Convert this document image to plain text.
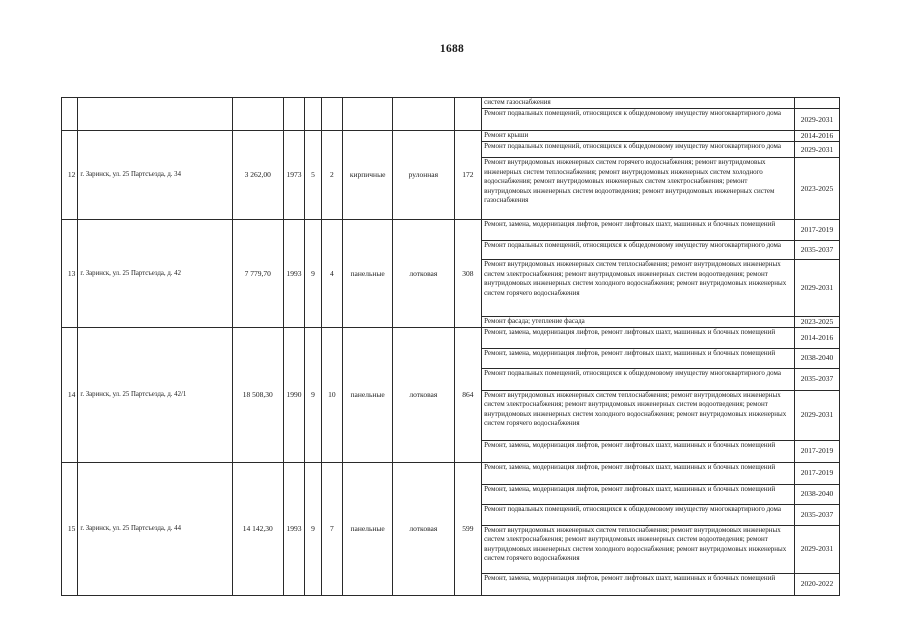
1688
									систем газоснабжения	
									Ремонт подвальных помещений, относящихся к общедомовому имуществу многоквартирного дома	2029-2031
12	г. Заринск, ул. 25 Партсъезда, д. 34	3 262,00	1973	5	2	кирпичные	рулонная	172	Ремонт крыши	2014-2016
									Ремонт подвальных помещений, относящихся к общедомовому имуществу многоквартирного дома	2029-2031
									Ремонт внутридомовых инженерных систем горячего водоснабжения; ремонт внутридомовых инженерных систем теплоснабжения; ремонт внутридомовых инженерных систем холодного водоснабжения; ремонт внутридомовых инженерных систем электроснабжения; ремонт внутридомовых инженерных систем водоотведения; ремонт внутридомовых инженерных систем газоснабжения	2023-2025
13	г. Заринск, ул. 25 Партсъезда, д. 42	7 779,70	1993	9	4	панельные	лотковая	308	Ремонт, замена, модернизация лифтов, ремонт лифтовых шахт, машинных и блочных помещений	2017-2019
									Ремонт подвальных помещений, относящихся к общедомовому имуществу многоквартирного дома	2035-2037
									Ремонт внутридомовых инженерных систем теплоснабжения; ремонт внутридомовых инженерных систем электроснабжения; ремонт внутридомовых инженерных систем водоотведения; ремонт внутридомовых инженерных систем холодного водоснабжения; ремонт внутридомовых инженерных систем горячего водоснабжения	2029-2031
									Ремонт фасада; утепление фасада	2023-2025
14	г. Заринск, ул. 25 Партсъезда, д. 42/1	18 508,30	1990	9	10	панельные	лотковая	864	Ремонт, замена, модернизация лифтов, ремонт лифтовых шахт, машинных и блочных помещений	2014-2016
									Ремонт, замена, модернизация лифтов, ремонт лифтовых шахт, машинных и блочных помещений	2038-2040
									Ремонт подвальных помещений, относящихся к общедомовому имуществу многоквартирного дома	2035-2037
									Ремонт внутридомовых инженерных систем теплоснабжения; ремонт внутридомовых инженерных систем электроснабжения; ремонт внутридомовых инженерных систем водоотведения; ремонт внутридомовых инженерных систем холодного водоснабжения; ремонт внутридомовых инженерных систем горячего водоснабжения	2029-2031
									Ремонт, замена, модернизация лифтов, ремонт лифтовых шахт, машинных и блочных помещений	2017-2019
15	г. Заринск, ул. 25 Партсъезда, д. 44	14 142,30	1993	9	7	панельные	лотковая	599	Ремонт, замена, модернизация лифтов, ремонт лифтовых шахт, машинных и блочных помещений	2017-2019
									Ремонт, замена, модернизация лифтов, ремонт лифтовых шахт, машинных и блочных помещений	2038-2040
									Ремонт подвальных помещений, относящихся к общедомовому имуществу многоквартирного дома	2035-2037
									Ремонт внутридомовых инженерных систем теплоснабжения; ремонт внутридомовых инженерных систем электроснабжения; ремонт внутридомовых инженерных систем водоотведения; ремонт внутридомовых инженерных систем холодного водоснабжения; ремонт внутридомовых инженерных систем горячего водоснабжения	2029-2031
									Ремонт, замена, модернизация лифтов, ремонт лифтовых шахт, машинных и блочных помещений	2020-2022
